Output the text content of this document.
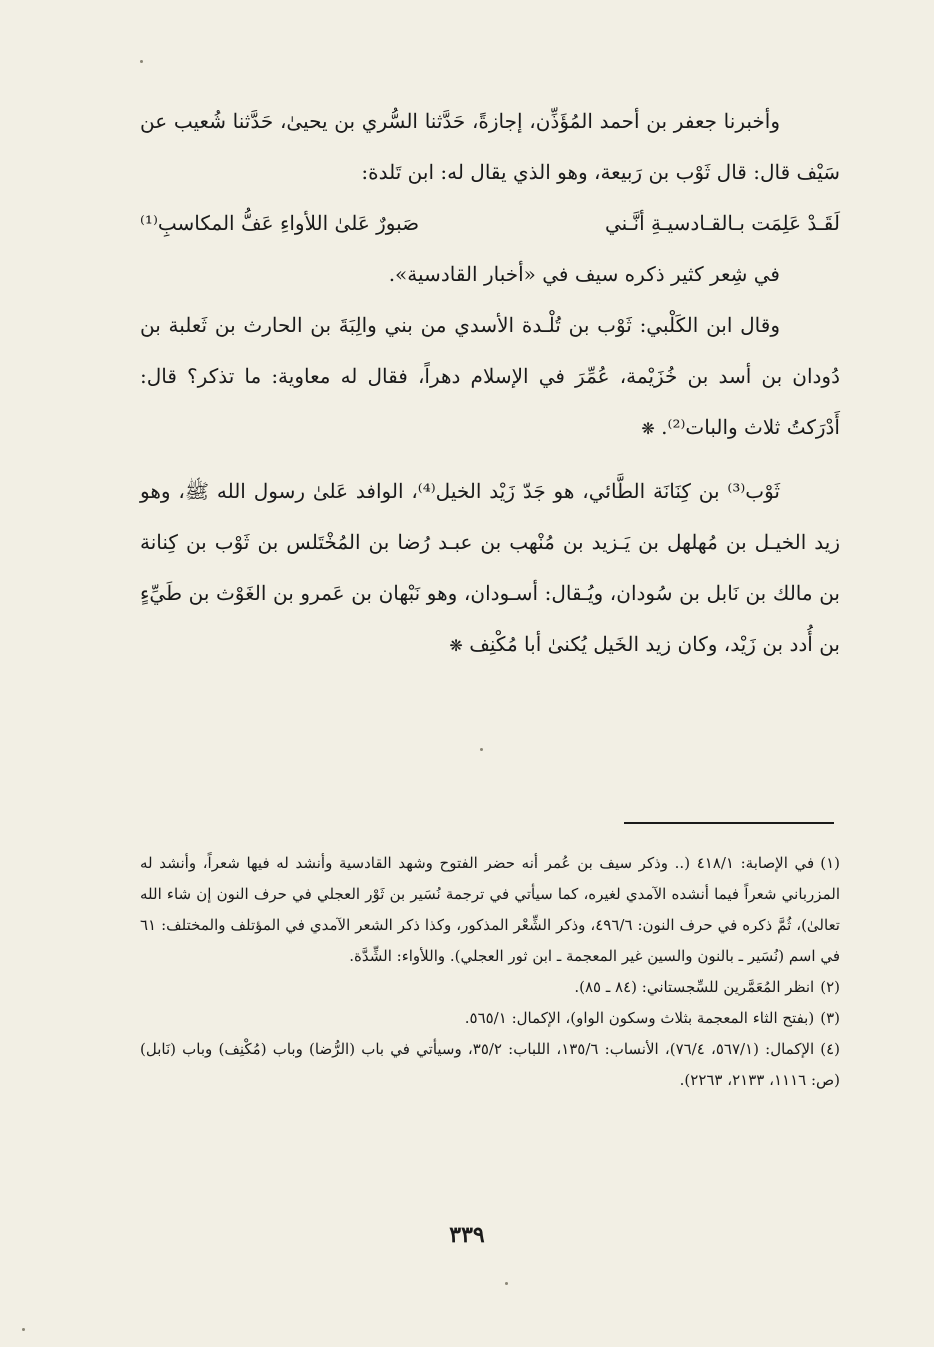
وأخبرنا جعفر بن أحمد المُؤَذِّن، إجازةً، حَدَّثنا السُّري بن يحيىٰ، حَدَّثنا شُعيب عن سَيْف قال: قال ثَوْب بن رَبيعة، وهو الذي يقال له: ابن تَلدة:

لَقَـدْ عَلِمَت بـالقـادسيـةِ أنَّـني
صَبورٌ عَلىٰ اللأواءِ عَفُّ المكاسبِ⁽¹⁾

في شِعر كثير ذكره سيف في «أخبار القادسية».

وقال ابن الكَلْبي: ثَوْب بن تُلْـدة الأسدي من بني والِبَةَ بن الحارث بن ثَعلبة بن دُودان بن أسد بن خُزَيْمة، عُمِّرَ في الإسلام دهراً، فقال له معاوية: ما تذكر؟ قال: أَدْرَكتُ ثلاث والبات⁽²⁾. ❋

ثَوْب⁽³⁾ بن كِنَانَة الطَّائي، هو جَدّ زَيْد الخيل⁽⁴⁾، الوافد عَلىٰ رسول الله ﷺ، وهو زيد الخيـل بن مُهلهل بن يَـزيد بن مُنْهب بن عبـد رُضا بن المُخْتَلس بن ثَوْب بن كِنانة بن مالك بن نَابل بن سُودان، ويُـقال: أسـودان، وهو نَبْهان بن عَمرو بن الغَوْث بن طَيِّءٍ بن أُدد بن زَيْد، وكان زيد الخَيل يُكنىٰ أبا مُكْنِف ❋

(١)في الإصابة: ٤١٨/١ (.. وذكر سيف بن عُمر أنه حضر الفتوح وشهد القادسية وأنشد له فيها شعراً، وأنشد له المزرباني شعراً فيما أنشده الآمدي لغيره، كما سيأتي في ترجمة نُسَير بن ثَوْر العجلي في حرف النون إن شاء الله تعالىٰ)، ثُمَّ ذكره في حرف النون: ٤٩٦/٦، وذكر الشِّعْر المذكور، وكذا ذكر الشعر الآمدي في المؤتلف والمختلف: ٦١ في اسم (نُسَير ـ بالنون والسين غير المعجمة ـ ابن ثور العجلي). واللأواء: الشِّدَّة.

(٢)انظر المُعَمَّرين للسِّجستاني: (٨٤ ـ ٨٥).

(٣)(بفتح الثاء المعجمة بثلاث وسكون الواو)، الإكمال: ٥٦٥/١.

(٤)الإكمال: (٥٦٧/١، ٧٦/٤)، الأنساب: ١٣٥/٦، اللباب: ٣٥/٢، وسيأتي في باب (الرُّضا) وباب (مُكْنِف) وباب (نَابل) (ص: ١١١٦، ٢١٣٣، ٢٢٦٣).

٣٣٩
